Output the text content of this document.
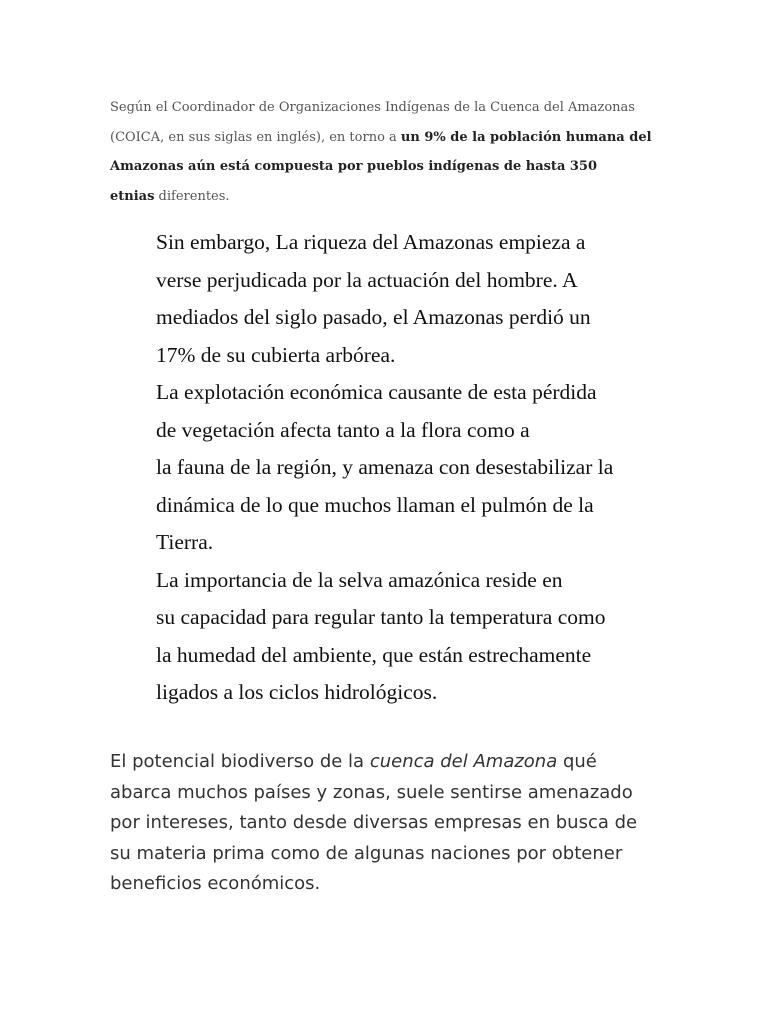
Según el Coordinador de Organizaciones Indígenas de la Cuenca del Amazonas
(COICA, en sus siglas en inglés), en torno a un 9% de la población humana del
Amazonas aún está compuesta por pueblos indígenas de hasta 350
etnias diferentes.

Sin embargo, La riqueza del Amazonas empieza a
verse perjudicada por la actuación del hombre. A
mediados del siglo pasado, el Amazonas perdió un
17% de su cubierta arbórea.
La explotación económica causante de esta pérdida
de vegetación afecta tanto a la flora como a
la fauna de la región, y amenaza con desestabilizar la
dinámica de lo que muchos llaman el pulmón de la
Tierra.
La importancia de la selva amazónica reside en
su capacidad para regular tanto la temperatura como
la humedad del ambiente, que están estrechamente
ligados a los ciclos hidrológicos.

El potencial biodiverso de la cuenca del Amazona qué
abarca muchos países y zonas, suele sentirse amenazado
por intereses, tanto desde diversas empresas en busca de
su materia prima como de algunas naciones por obtener
beneficios económicos.
